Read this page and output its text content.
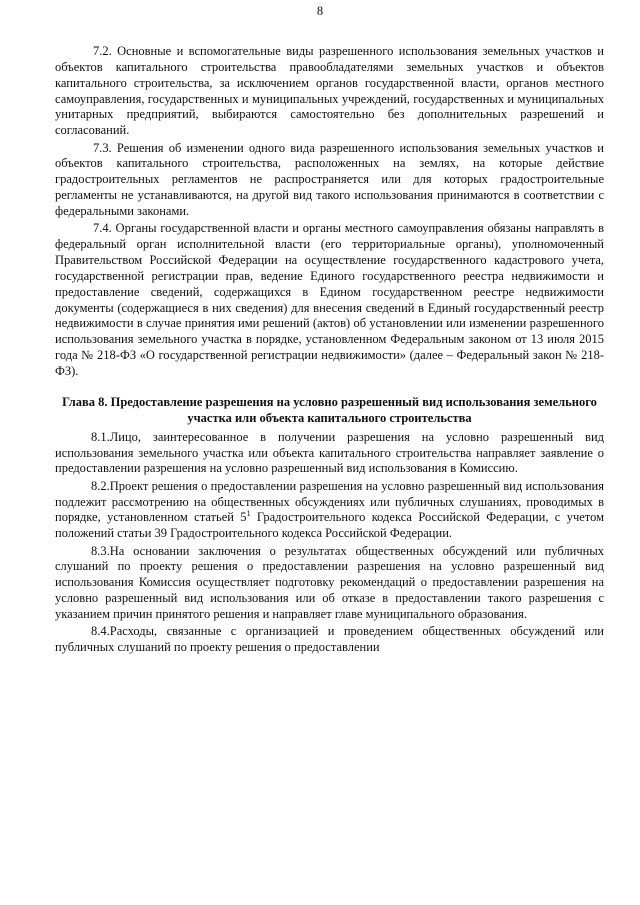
8

7.2. Основные и вспомогательные виды разрешенного использования земельных участков и объектов капитального строительства правообладателями земельных участков и объектов капитального строительства, за исключением органов государственной власти, органов местного самоуправления, государственных и муниципальных учреждений, государственных и муниципальных унитарных предприятий, выбираются самостоятельно без дополнительных разрешений и согласований.

7.3. Решения об изменении одного вида разрешенного использования земельных участков и объектов капитального строительства, расположенных на землях, на которые действие градостроительных регламентов не распространяется или для которых градостроительные регламенты не устанавливаются, на другой вид такого использования принимаются в соответствии с федеральными законами.

7.4. Органы государственной власти и органы местного самоуправления обязаны направлять в федеральный орган исполнительной власти (его территориальные органы), уполномоченный Правительством Российской Федерации на осуществление государственного кадастрового учета, государственной регистрации прав, ведение Единого государственного реестра недвижимости и предоставление сведений, содержащихся в Едином государственном реестре недвижимости документы (содержащиеся в них сведения) для внесения сведений в Единый государственный реестр недвижимости в случае принятия ими решений (актов) об установлении или изменении разрешенного использования земельного участка в порядке, установленном Федеральным законом от 13 июля 2015 года № 218-ФЗ «О государственной регистрации недвижимости» (далее – Федеральный закон № 218-ФЗ).

Глава 8. Предоставление разрешения на условно разрешенный вид использования земельного участка или объекта капитального строительства

8.1.Лицо, заинтересованное в получении разрешения на условно разрешенный вид использования земельного участка или объекта капитального строительства направляет заявление о предоставлении разрешения на условно разрешенный вид использования в Комиссию.

8.2.Проект решения о предоставлении разрешения на условно разрешенный вид использования подлежит рассмотрению на общественных обсуждениях или публичных слушаниях, проводимых в порядке, установленном статьей $5^1$ Градостроительного кодекса Российской Федерации, с учетом положений статьи 39 Градостроительного кодекса Российской Федерации.

8.3.На основании заключения о результатах общественных обсуждений или публичных слушаний по проекту решения о предоставлении разрешения на условно разрешенный вид использования Комиссия осуществляет подготовку рекомендаций о предоставлении разрешения на условно разрешенный вид использования или об отказе в предоставлении такого разрешения с указанием причин принятого решения и направляет главе муниципального образования.

8.4.Расходы, связанные с организацией и проведением общественных обсуждений или публичных слушаний по проекту решения о предоставлении
